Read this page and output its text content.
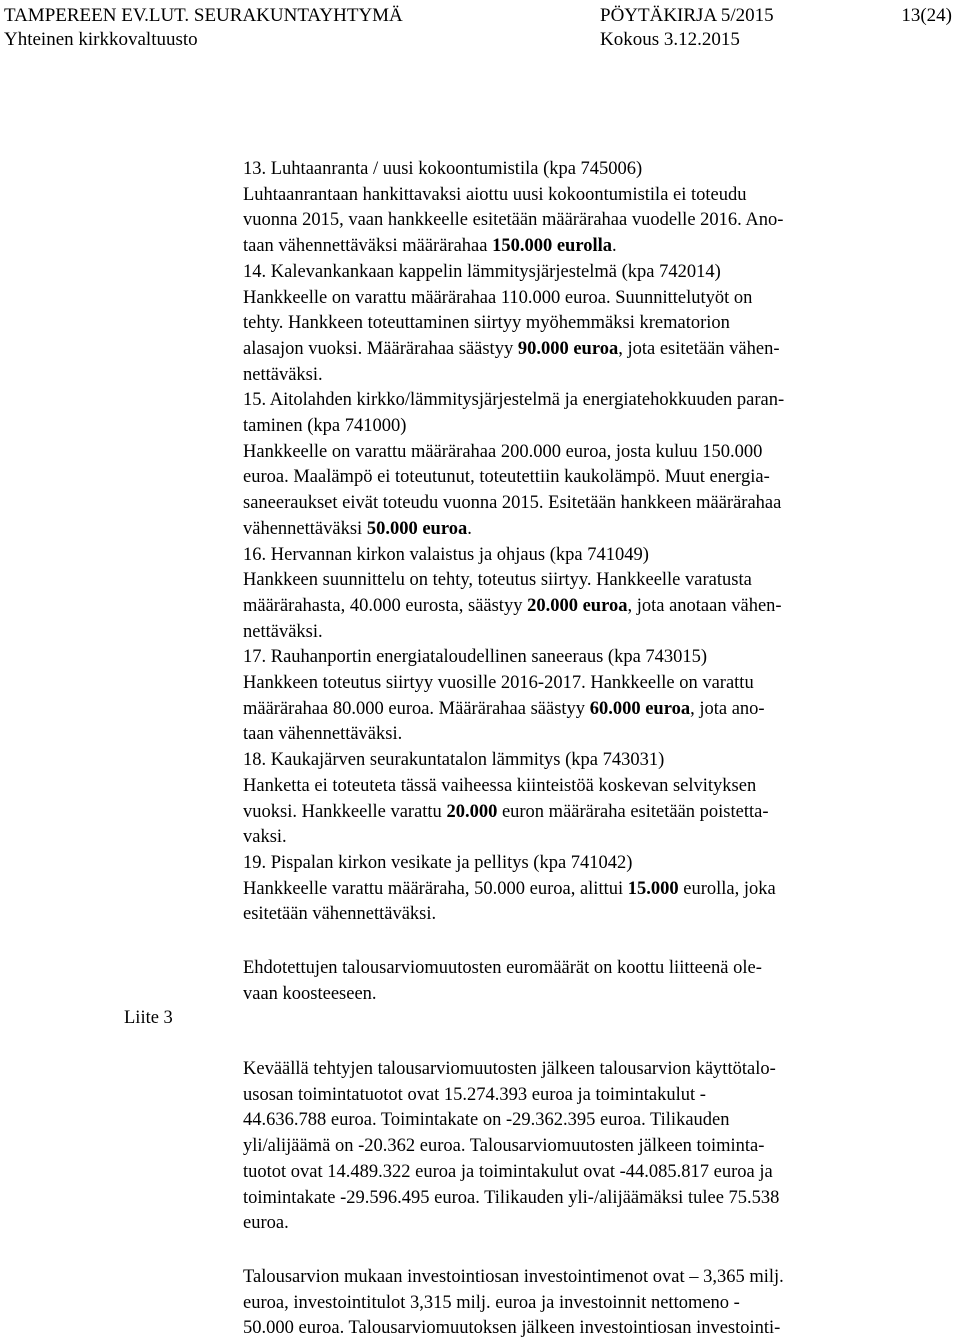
TAMPEREEN EV.LUT. SEURAKUNTAYHTYMÄ	PÖYTÄKIRJA 5/2015	13(24)
Yhteinen kirkkovaltuusto	Kokous 3.12.2015

13. Luhtaanranta / uusi kokoontumistila (kpa 745006)

Luhtaanrantaan hankittavaksi aiottu uusi kokoontumistila ei toteudu

vuonna 2015, vaan hankkeelle esitetään määrärahaa vuodelle 2016. Ano-

taan vähennettäväksi määrärahaa 150.000 eurolla.

14. Kalevankankaan kappelin lämmitysjärjestelmä (kpa 742014)

Hankkeelle on varattu määrärahaa 110.000 euroa. Suunnittelutyöt on

tehty. Hankkeen toteuttaminen siirtyy myöhemmäksi krematorion

alasajon vuoksi. Määrärahaa säästyy 90.000 euroa, jota esitetään vähen-

nettäväksi.

15. Aitolahden kirkko/lämmitysjärjestelmä ja energiatehokkuuden paran-

taminen (kpa 741000)

Hankkeelle on varattu määrärahaa 200.000 euroa, josta kuluu 150.000

euroa. Maalämpö ei toteutunut, toteutettiin kaukolämpö. Muut energia-

saneeraukset eivät toteudu vuonna 2015. Esitetään hankkeen määrärahaa

vähennettäväksi 50.000 euroa.

16. Hervannan kirkon valaistus ja ohjaus (kpa 741049)

Hankkeen suunnittelu on tehty, toteutus siirtyy. Hankkeelle varatusta

määrärahasta, 40.000 eurosta, säästyy 20.000 euroa, jota anotaan vähen-

nettäväksi.

17. Rauhanportin energiataloudellinen saneeraus (kpa 743015)

Hankkeen toteutus siirtyy vuosille 2016-2017. Hankkeelle on varattu

määrärahaa 80.000 euroa. Määrärahaa säästyy 60.000 euroa, jota ano-

taan vähennettäväksi.

18. Kaukajärven seurakuntatalon lämmitys (kpa 743031)

Hanketta ei toteuteta tässä vaiheessa kiinteistöä koskevan selvityksen

vuoksi. Hankkeelle varattu 20.000 euron määräraha esitetään poistetta-

vaksi.

19. Pispalan kirkon vesikate ja pellitys (kpa 741042)

Hankkeelle varattu määräraha, 50.000 euroa, alittui 15.000 eurolla, joka

esitetään vähennettäväksi.

Liite 3

Ehdotettujen talousarviomuutosten euromäärät on koottu liitteenä ole-

vaan koosteeseen.

Keväällä tehtyjen talousarviomuutosten jälkeen talousarvion käyttötalo-

usosan toimintatuotot ovat 15.274.393 euroa ja toimintakulut -

44.636.788 euroa. Toimintakate on -29.362.395 euroa. Tilikauden

yli/alijäämä on -20.362 euroa. Talousarviomuutosten jälkeen toiminta-

tuotot ovat 14.489.322 euroa ja toimintakulut ovat -44.085.817 euroa ja

toimintakate -29.596.495 euroa. Tilikauden yli-/alijäämäksi tulee 75.538

euroa.

Talousarvion mukaan investointiosan investointimenot ovat – 3,365 milj.

euroa, investointitulot 3,315 milj. euroa ja investoinnit nettomeno -

50.000 euroa. Talousarviomuutoksen jälkeen investointiosan investointi-
